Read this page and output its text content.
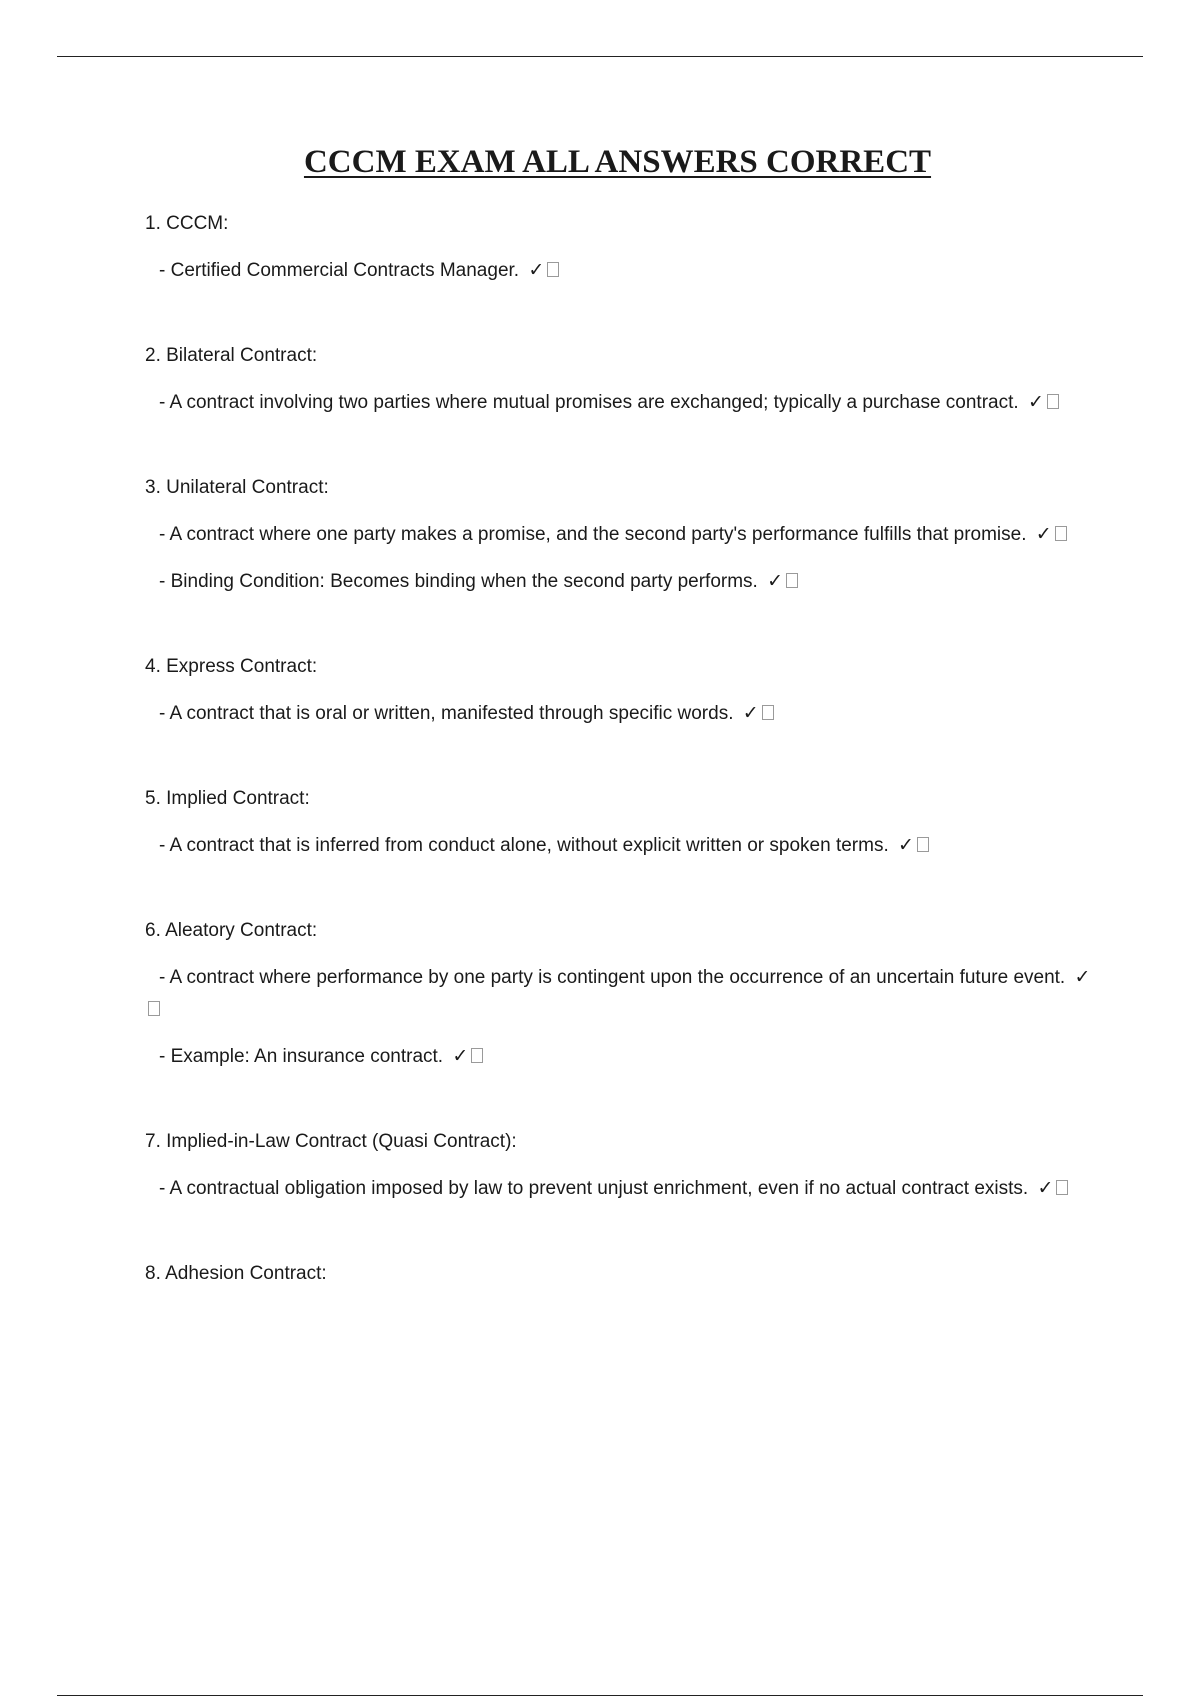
CCCM EXAM ALL ANSWERS CORRECT
1. CCCM:
- Certified Commercial Contracts Manager. ✓
2. Bilateral Contract:
- A contract involving two parties where mutual promises are exchanged; typically a purchase contract. ✓
3. Unilateral Contract:
- A contract where one party makes a promise, and the second party's performance fulfills that promise. ✓
- Binding Condition: Becomes binding when the second party performs. ✓
4. Express Contract:
- A contract that is oral or written, manifested through specific words. ✓
5. Implied Contract:
- A contract that is inferred from conduct alone, without explicit written or spoken terms. ✓
6. Aleatory Contract:
- A contract where performance by one party is contingent upon the occurrence of an uncertain future event. ✓
- Example: An insurance contract. ✓
7. Implied-in-Law Contract (Quasi Contract):
- A contractual obligation imposed by law to prevent unjust enrichment, even if no actual contract exists. ✓
8. Adhesion Contract:
